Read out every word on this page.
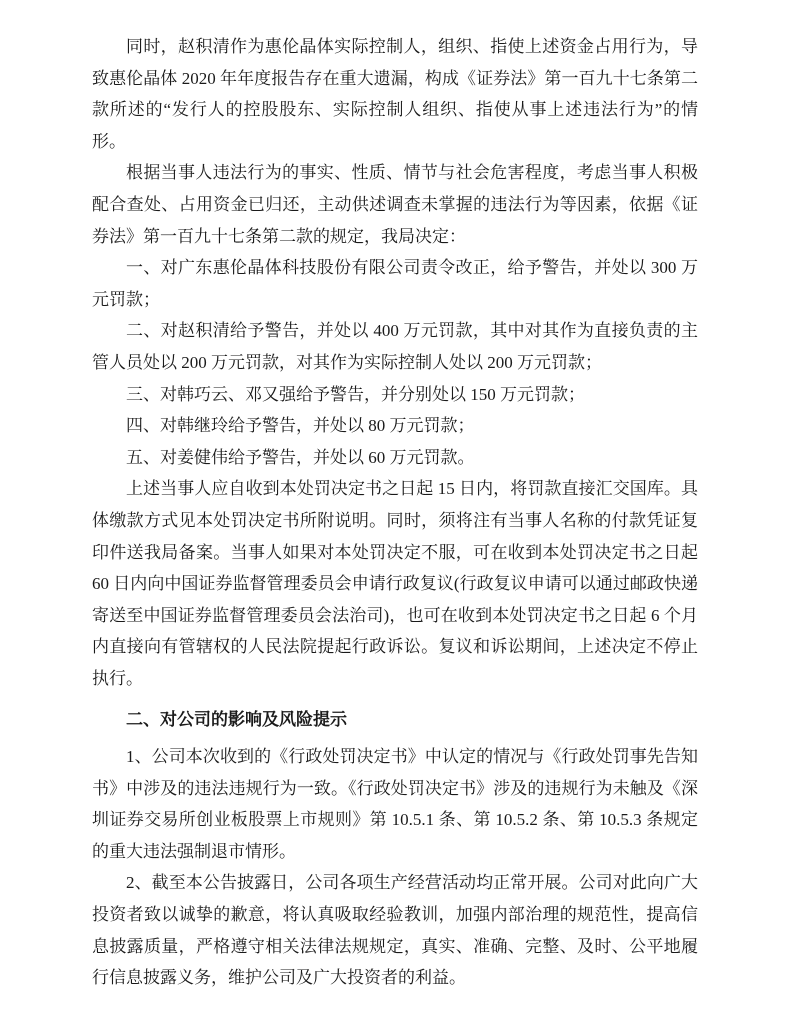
同时，赵积清作为惠伦晶体实际控制人，组织、指使上述资金占用行为，导致惠伦晶体 2020 年年度报告存在重大遗漏，构成《证券法》第一百九十七条第二款所述的“发行人的控股股东、实际控制人组织、指使从事上述违法行为”的情形。

根据当事人违法行为的事实、性质、情节与社会危害程度，考虑当事人积极配合查处、占用资金已归还，主动供述调查未掌握的违法行为等因素，依据《证券法》第一百九十七条第二款的规定，我局决定：

一、对广东惠伦晶体科技股份有限公司责令改正，给予警告，并处以 300 万元罚款；

二、对赵积清给予警告，并处以 400 万元罚款，其中对其作为直接负责的主管人员处以 200 万元罚款，对其作为实际控制人处以 200 万元罚款；

三、对韩巧云、邓又强给予警告，并分别处以 150 万元罚款；

四、对韩继玲给予警告，并处以 80 万元罚款；

五、对姜健伟给予警告，并处以 60 万元罚款。

上述当事人应自收到本处罚决定书之日起 15 日内，将罚款直接汇交国库。具体缴款方式见本处罚决定书所附说明。同时，须将注有当事人名称的付款凭证复印件送我局备案。当事人如果对本处罚决定不服，可在收到本处罚决定书之日起 60 日内向中国证券监督管理委员会申请行政复议(行政复议申请可以通过邮政快递寄送至中国证券监督管理委员会法治司)，也可在收到本处罚决定书之日起 6 个月内直接向有管辖权的人民法院提起行政诉讼。复议和诉讼期间，上述决定不停止执行。

二、对公司的影响及风险提示

1、公司本次收到的《行政处罚决定书》中认定的情况与《行政处罚事先告知书》中涉及的违法违规行为一致。《行政处罚决定书》涉及的违规行为未触及《深圳证券交易所创业板股票上市规则》第 10.5.1 条、第 10.5.2 条、第 10.5.3 条规定的重大违法强制退市情形。

2、截至本公告披露日，公司各项生产经营活动均正常开展。公司对此向广大投资者致以诚挚的歉意，将认真吸取经验教训，加强内部治理的规范性，提高信息披露质量，严格遵守相关法律法规规定，真实、准确、完整、及时、公平地履行信息披露义务，维护公司及广大投资者的利益。
